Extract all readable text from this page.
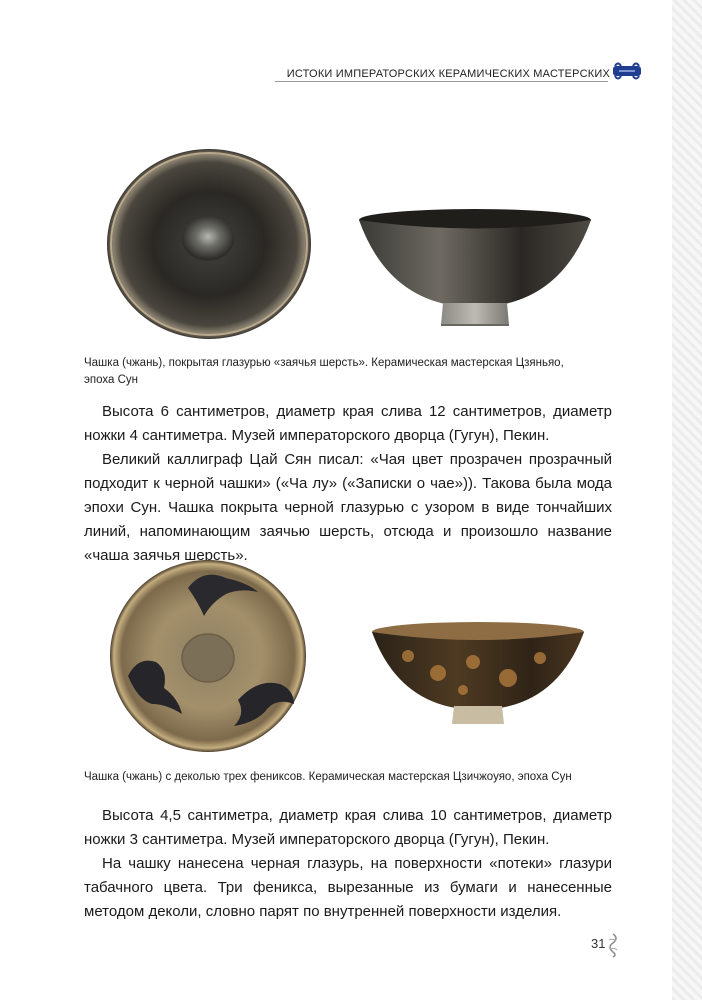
ИСТОКИ ИМПЕРАТОРСКИХ КЕРАМИЧЕСКИХ МАСТЕРСКИХ
Чашка (чжань), покрытая глазурью «заячья шерсть». Керамическая мастерская Цзяньяо,
эпоха Сун

Высота 6 сантиметров, диаметр края слива 12 сантиметров, диаметр ножки 4 сантиметра. Музей императорского дворца (Гугун), Пекин.

Великий каллиграф Цай Сян писал: «Чая цвет прозрачен прозрачный подходит к черной чашки» («Ча лу» («Записки о чае»)). Такова была мода эпохи Сун. Чашка покрыта черной глазурью с узором в виде тончайших линий, напоминающим заячью шерсть, отсюда и произошло название «чаша заячья шерсть».

Чашка (чжань) с деколью трех фениксов. Керамическая мастерская Цзичжоуяо, эпоха Сун

Высота 4,5 сантиметра, диаметр края слива 10 сантиметров, диаметр ножки 3 сантиметра. Музей императорского дворца (Гугун), Пекин.

На чашку нанесена черная глазурь, на поверхности «потеки» глазури табачного цвета. Три феникса, вырезанные из бумаги и нанесенные методом деколи, словно парят по внутренней поверхности изделия.

31
